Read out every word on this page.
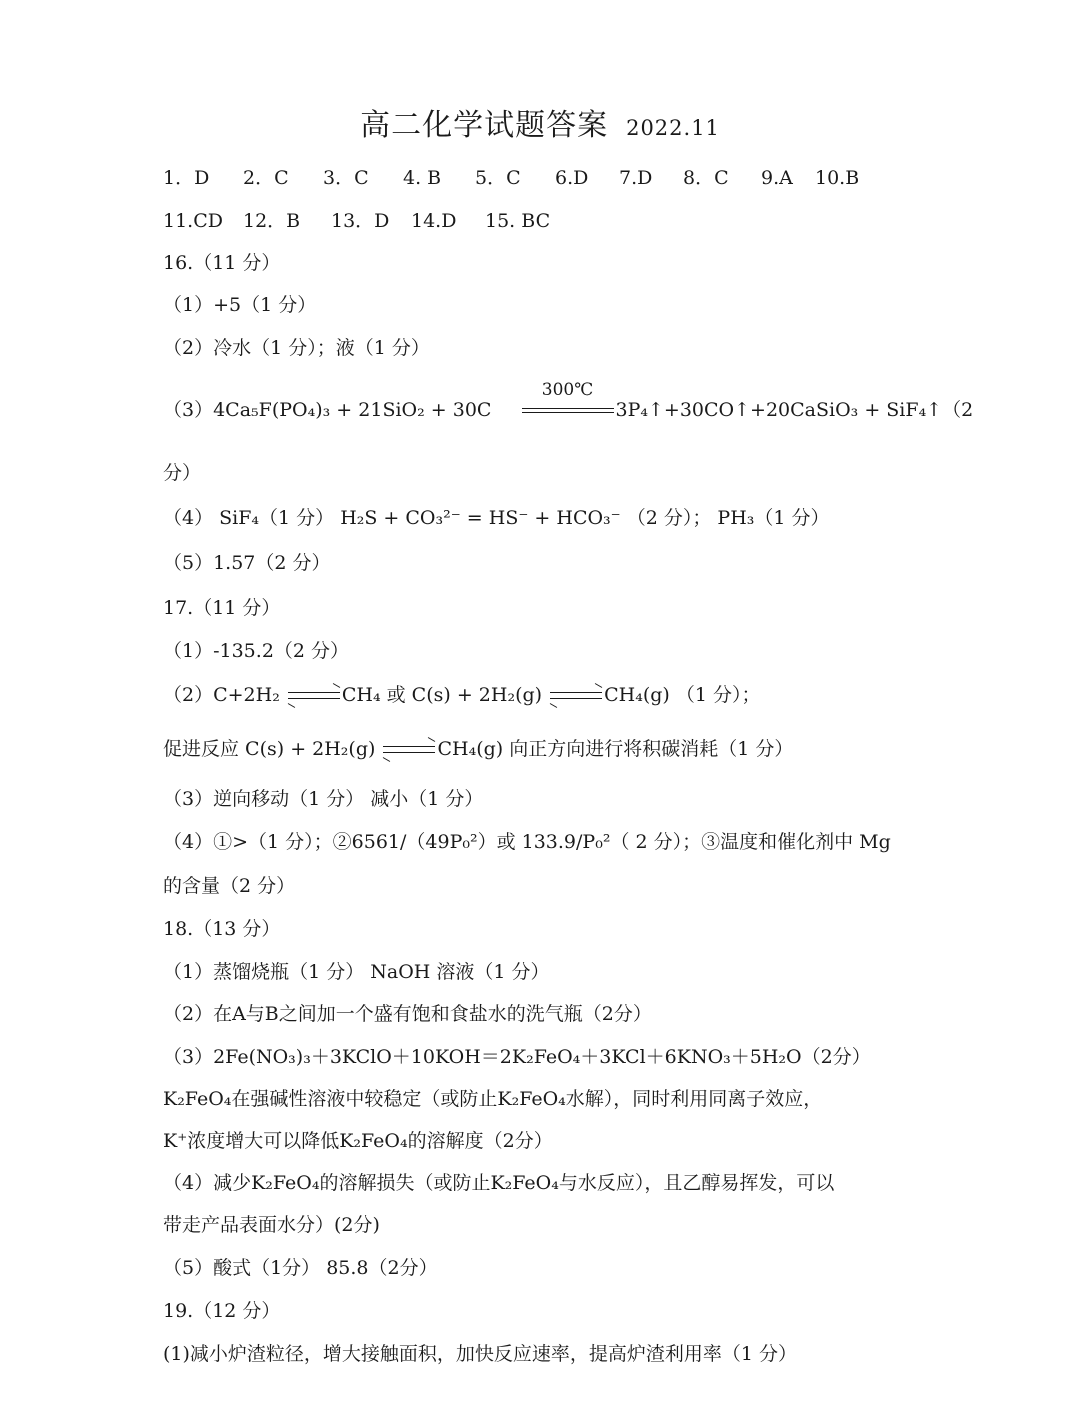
高二化学试题答案 2022.11
1．D 2．C 3．C 4. B 5．C 6.D 7.D 8．C 9.A 10.B
11.CD 12．B 13．D 14.D 15. BC
16.（11 分）
（1）+5（1 分）
（2）冷水（1 分）；液（1 分）
（3）4Ca₅F(PO₄)₃ + 21SiO₂ + 30C
300℃
3P₄↑+30CO↑+20CaSiO₃ + SiF₄↑（2
分）
（4） SiF₄（1 分） H₂S + CO₃²⁻ = HS⁻ + HCO₃⁻ （2 分）； PH₃（1 分）
（5）1.57（2 分）
17.（11 分）
（1）-135.2（2 分）
（2）C+2H₂	CH₄ 或 C(s) + 2H₂(g)	CH₄(g) （1 分）；
促进反应 C(s) + 2H₂(g)	CH₄(g) 向正方向进行将积碳消耗（1 分）
（3）逆向移动（1 分） 减小（1 分）
（4）①>（1 分）；②6561/（49P₀²）或 133.9/P₀²（ 2 分）；③温度和催化剂中 Mg
的含量（2 分）
18.（13 分）
（1）蒸馏烧瓶（1 分） NaOH 溶液（1 分）
（2）在A与B之间加一个盛有饱和食盐水的洗气瓶（2分）
（3）2Fe(NO₃)₃＋3KClO＋10KOH＝2K₂FeO₄＋3KCl＋6KNO₃＋5H₂O（2分）
K₂FeO₄在强碱性溶液中较稳定（或防止K₂FeO₄水解），同时利用同离子效应，
K⁺浓度增大可以降低K₂FeO₄的溶解度（2分）
（4）减少K₂FeO₄的溶解损失（或防止K₂FeO₄与水反应），且乙醇易挥发，可以
带走产品表面水分）(2分)
（5）酸式（1分） 85.8（2分）
19.（12 分）
(1)减小炉渣粒径，增大接触面积，加快反应速率，提高炉渣利用率（1 分）
